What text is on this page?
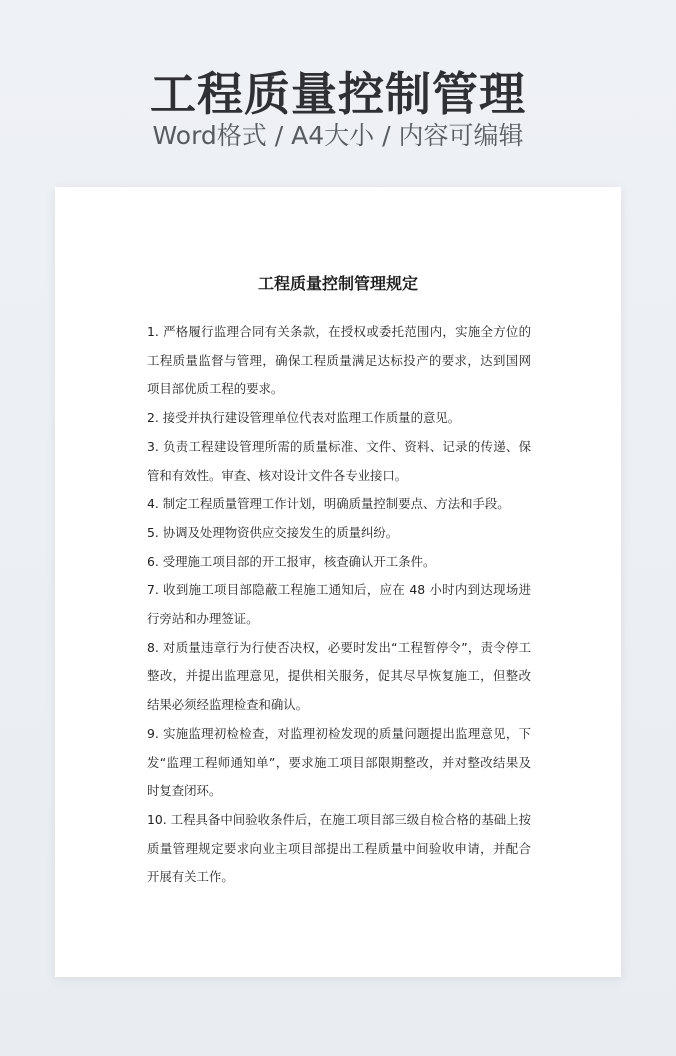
工程质量控制管理
Word格式 / A4大小 / 内容可编辑
工程质量控制管理规定

1. 严格履行监理合同有关条款，在授权或委托范围内，实施全方位的工程质量监督与管理，确保工程质量满足达标投产的要求，达到国网项目部优质工程的要求。

2. 接受并执行建设管理单位代表对监理工作质量的意见。

3. 负责工程建设管理所需的质量标准、文件、资料、记录的传递、保管和有效性。审查、核对设计文件各专业接口。

4. 制定工程质量管理工作计划，明确质量控制要点、方法和手段。

5. 协调及处理物资供应交接发生的质量纠纷。

6. 受理施工项目部的开工报审，核查确认开工条件。

7. 收到施工项目部隐蔽工程施工通知后，应在 48 小时内到达现场进行旁站和办理签证。

8. 对质量违章行为行使否决权，必要时发出“工程暂停令”，责令停工整改，并提出监理意见，提供相关服务，促其尽早恢复施工，但整改结果必须经监理检查和确认。

9. 实施监理初检检查，对监理初检发现的质量问题提出监理意见，下发“监理工程师通知单”，要求施工项目部限期整改，并对整改结果及时复查闭环。

10. 工程具备中间验收条件后，在施工项目部三级自检合格的基础上按质量管理规定要求向业主项目部提出工程质量中间验收申请，并配合开展有关工作。
